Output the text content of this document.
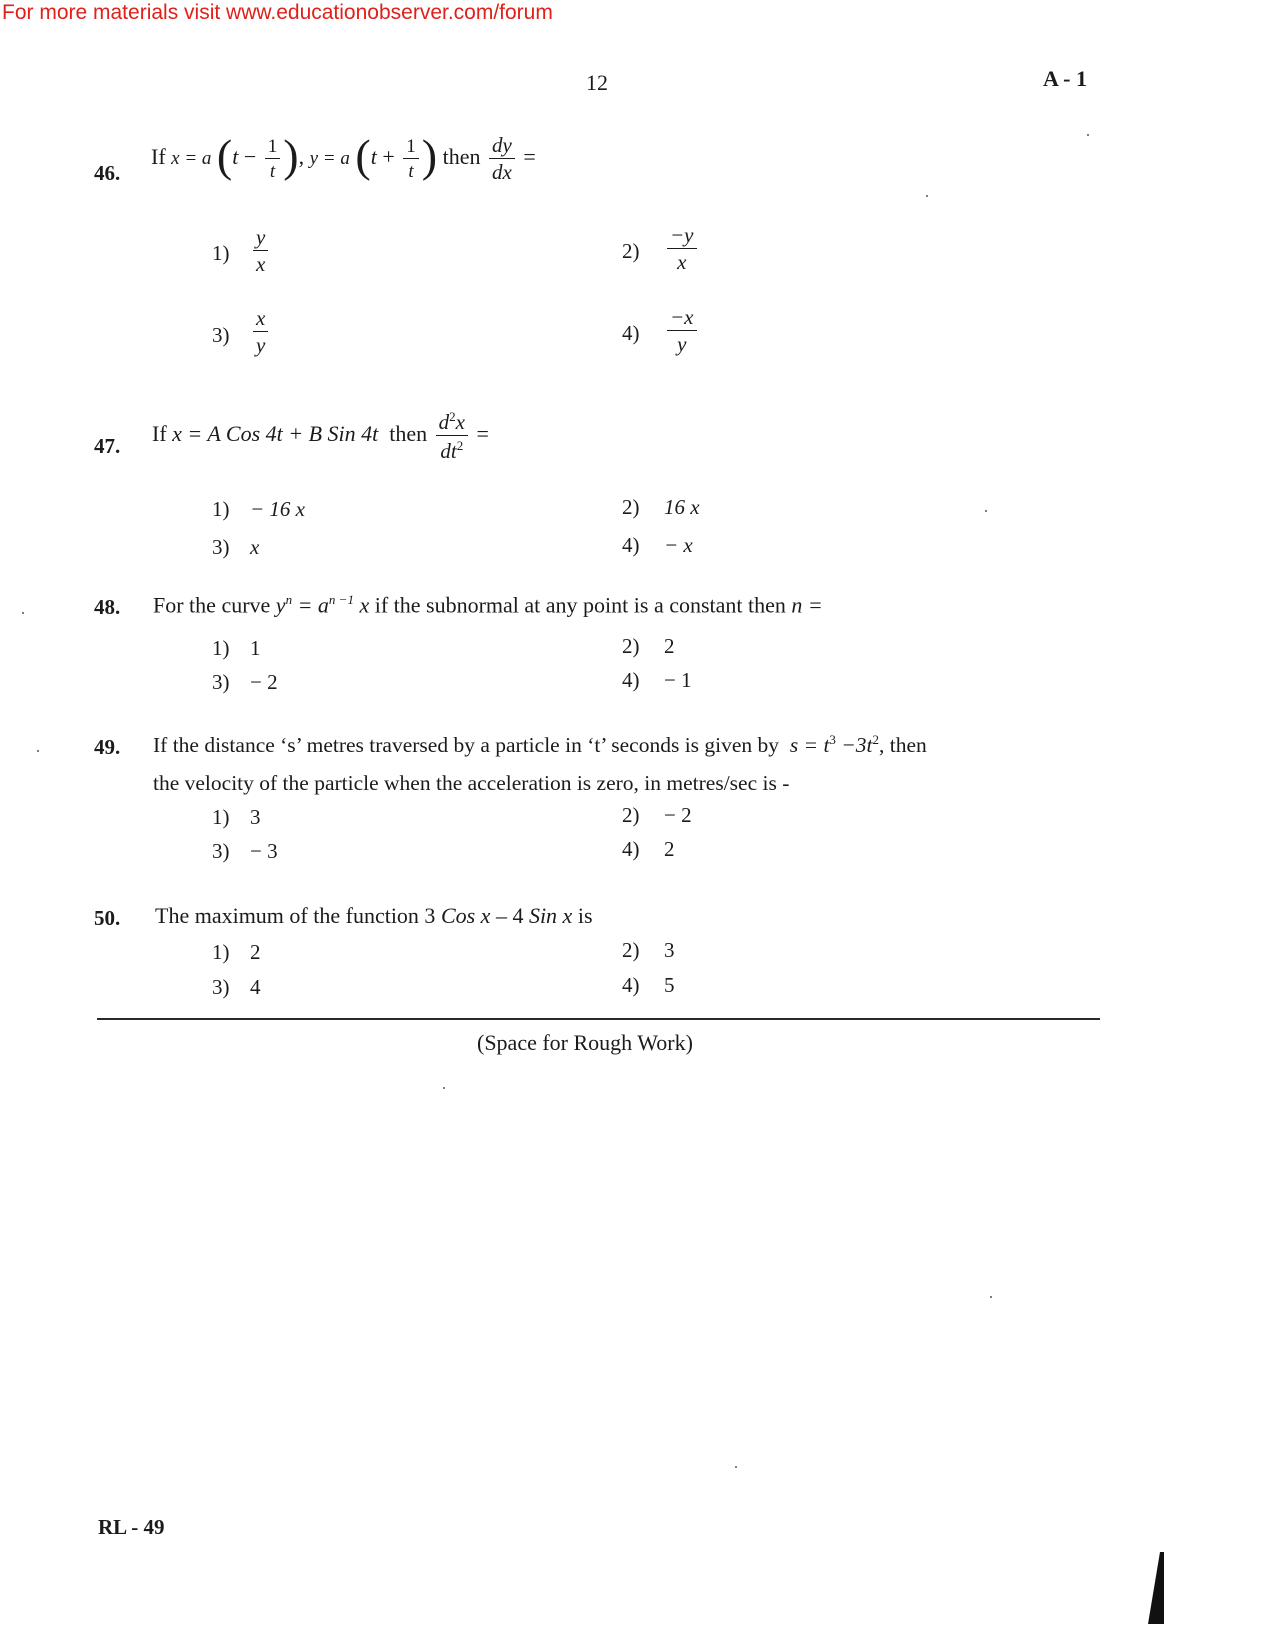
For more materials visit www.educationobserver.com/forum
12	A - 1
46.
If x = a ($t - \frac{1}{t}$ ), y = a ($t + \frac{1}{t}$ ) then $\frac{dy}{dx}$ =
$1) \frac{y}{x}$	$2) \frac{-y}{x}$
$3) \frac{x}{y}$	$4) \frac{-x}{y}$
47. If x = A Cos 4t + B Sin 4t then $\frac{d^2x}{dt^2}$ =
1) − 16 x	2) 16 x
3) x	4) − x
48. For the curve $y^n = a^{n -1}$ x if the subnormal at any point is a constant then n =
1) 1	2) 2
3) − 2	4) − 1
49. If the distance ‘s’ metres traversed by a particle in ‘t’ seconds is given by $s = t^3 -3t^2$, then
the velocity of the particle when the acceleration is zero, in metres/sec is -
1) 3	2) − 2
3) − 3	4) 2
50. The maximum of the function 3 Cos x – 4 Sin x is
1) 2	2) 3
3) 4	4) 5
(Space for Rough Work)
RL - 49
